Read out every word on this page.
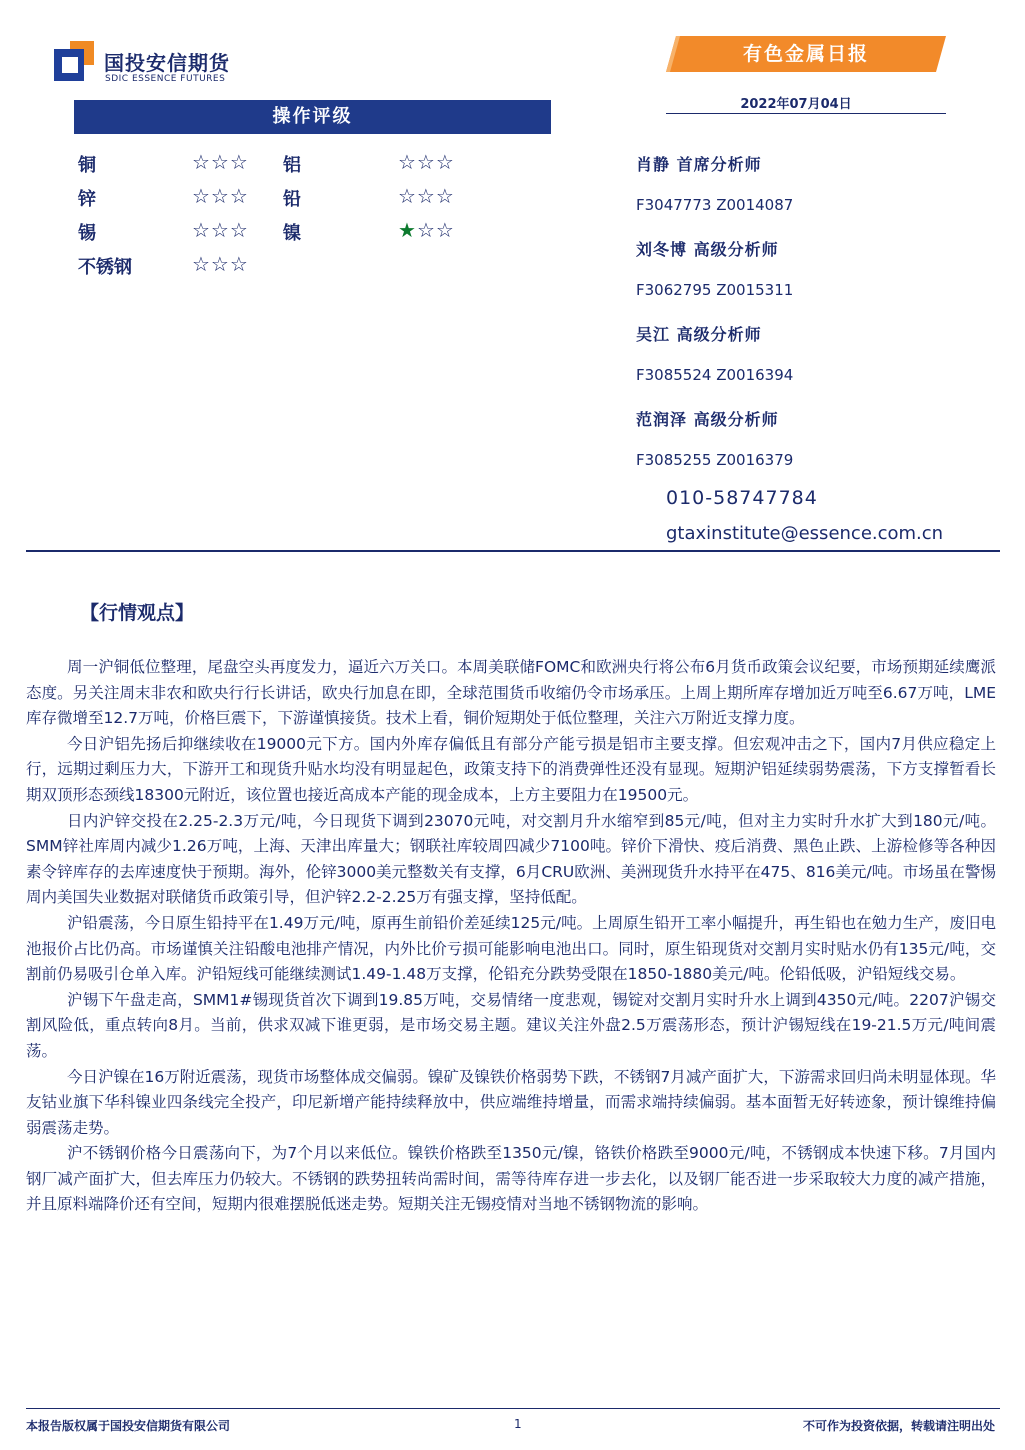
国投安信期货
SDIC ESSENCE FUTURES
有色金属日报
2022年07月04日
操作评级
铜	☆☆☆ 铝	☆☆☆
锌	☆☆☆ 铅	☆☆☆
锡	☆☆☆ 镍	★☆☆
不锈钢	☆☆☆
肖静 首席分析师
F3047773 Z0014087
刘冬博 高级分析师
F3062795 Z0015311
吴江 高级分析师
F3085524 Z0016394
范润泽 高级分析师
F3085255 Z0016379
010-58747784
gtaxinstitute@essence.com.cn
【行情观点】

周一沪铜低位整理，尾盘空头再度发力，逼近六万关口。本周美联储FOMC和欧洲央行将公布6月货币政策会议纪要，市场预期延续鹰派态度。另关注周末非农和欧央行行长讲话，欧央行加息在即，全球范围货币收缩仍令市场承压。上周上期所库存增加近万吨至6.67万吨，LME库存微增至12.7万吨，价格巨震下，下游谨慎接货。技术上看，铜价短期处于低位整理，关注六万附近支撑力度。

今日沪铝先扬后抑继续收在19000元下方。国内外库存偏低且有部分产能亏损是铝市主要支撑。但宏观冲击之下，国内7月供应稳定上行，远期过剩压力大，下游开工和现货升贴水均没有明显起色，政策支持下的消费弹性还没有显现。短期沪铝延续弱势震荡，下方支撑暂看长期双顶形态颈线18300元附近，该位置也接近高成本产能的现金成本，上方主要阻力在19500元。

日内沪锌交投在2.25-2.3万元/吨，今日现货下调到23070元吨，对交割月升水缩窄到85元/吨，但对主力实时升水扩大到180元/吨。SMM锌社库周内减少1.26万吨，上海、天津出库量大；钢联社库较周四减少7100吨。锌价下滑快、疫后消费、黑色止跌、上游检修等各种因素令锌库存的去库速度快于预期。海外，伦锌3000美元整数关有支撑，6月CRU欧洲、美洲现货升水持平在475、816美元/吨。市场虽在警惕周内美国失业数据对联储货币政策引导，但沪锌2.2-2.25万有强支撑，坚持低配。

沪铅震荡，今日原生铅持平在1.49万元/吨，原再生前铅价差延续125元/吨。上周原生铅开工率小幅提升，再生铅也在勉力生产，废旧电池报价占比仍高。市场谨慎关注铅酸电池排产情况，内外比价亏损可能影响电池出口。同时，原生铅现货对交割月实时贴水仍有135元/吨，交割前仍易吸引仓单入库。沪铅短线可能继续测试1.49-1.48万支撑，伦铅充分跌势受限在1850-1880美元/吨。伦铅低吸，沪铅短线交易。

沪锡下午盘走高，SMM1#锡现货首次下调到19.85万吨，交易情绪一度悲观，锡锭对交割月实时升水上调到4350元/吨。2207沪锡交割风险低，重点转向8月。当前，供求双减下谁更弱，是市场交易主题。建议关注外盘2.5万震荡形态，预计沪锡短线在19-21.5万元/吨间震荡。

今日沪镍在16万附近震荡，现货市场整体成交偏弱。镍矿及镍铁价格弱势下跌，不锈钢7月减产面扩大，下游需求回归尚未明显体现。华友钴业旗下华科镍业四条线完全投产，印尼新增产能持续释放中，供应端维持增量，而需求端持续偏弱。基本面暂无好转迹象，预计镍维持偏弱震荡走势。

沪不锈钢价格今日震荡向下，为7个月以来低位。镍铁价格跌至1350元/镍，铬铁价格跌至9000元/吨，不锈钢成本快速下移。7月国内钢厂减产面扩大，但去库压力仍较大。不锈钢的跌势扭转尚需时间，需等待库存进一步去化，以及钢厂能否进一步采取较大力度的减产措施，并且原料端降价还有空间，短期内很难摆脱低迷走势。短期关注无锡疫情对当地不锈钢物流的影响。

本报告版权属于国投安信期货有限公司	1	不可作为投资依据，转载请注明出处
